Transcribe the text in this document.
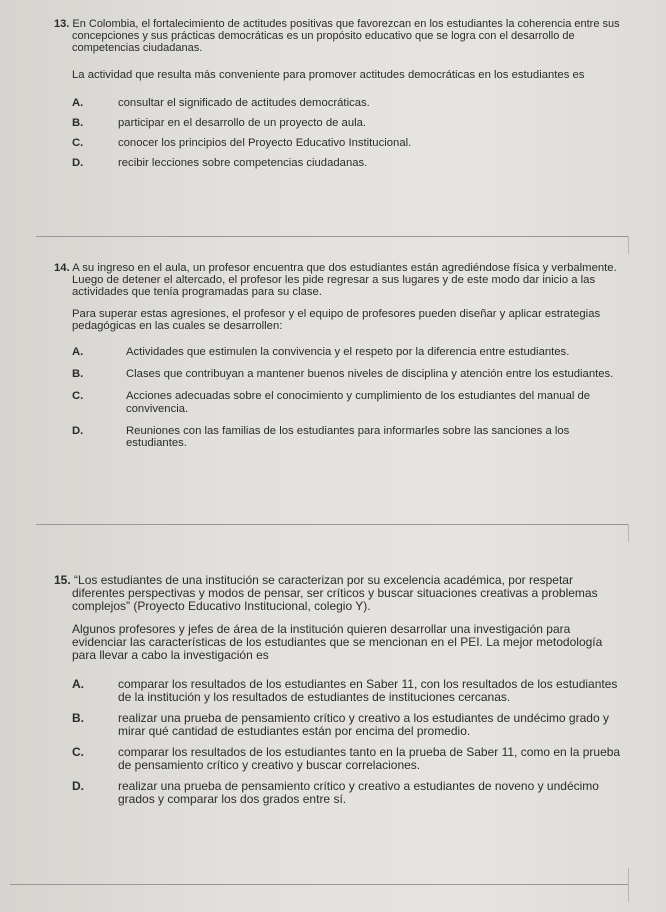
13. En Colombia, el fortalecimiento de actitudes positivas que favorezcan en los estudiantes la coherencia entre sus concepciones y sus prácticas democráticas es un propósito educativo que se logra con el desarrollo de competencias ciudadanas.

La actividad que resulta más conveniente para promover actitudes democráticas en los estudiantes es

A.	consultar el significado de actitudes democráticas.
B.	participar en el desarrollo de un proyecto de aula.
C.	conocer los principios del Proyecto Educativo Institucional.
D.	recibir lecciones sobre competencias ciudadanas.

14. A su ingreso en el aula, un profesor encuentra que dos estudiantes están agrediéndose física y verbalmente. Luego de detener el altercado, el profesor les pide regresar a sus lugares y de este modo dar inicio a las actividades que tenía programadas para su clase.

Para superar estas agresiones, el profesor y el equipo de profesores pueden diseñar y aplicar estrategias pedagógicas en las cuales se desarrollen:

A.	Actividades que estimulen la convivencia y el respeto por la diferencia entre estudiantes.
B.	Clases que contribuyan a mantener buenos niveles de disciplina y atención entre los estudiantes.
C.	Acciones adecuadas sobre el conocimiento y cumplimiento de los estudiantes del manual de convivencia.
D.	Reuniones con las familias de los estudiantes para informarles sobre las sanciones a los estudiantes.

15. “Los estudiantes de una institución se caracterizan por su excelencia académica, por respetar diferentes perspectivas y modos de pensar, ser críticos y buscar situaciones creativas a problemas complejos” (Proyecto Educativo Institucional, colegio Y).

Algunos profesores y jefes de área de la institución quieren desarrollar una investigación para evidenciar las características de los estudiantes que se mencionan en el PEI. La mejor metodología para llevar a cabo la investigación es

A.	comparar los resultados de los estudiantes en Saber 11, con los resultados de los estudiantes de la institución y los resultados de estudiantes de instituciones cercanas.
B.	realizar una prueba de pensamiento crítico y creativo a los estudiantes de undécimo grado y mirar qué cantidad de estudiantes están por encima del promedio.
C.	comparar los resultados de los estudiantes tanto en la prueba de Saber 11, como en la prueba de pensamiento crítico y creativo y buscar correlaciones.
D.	realizar una prueba de pensamiento crítico y creativo a estudiantes de noveno y undécimo grados y comparar los dos grados entre sí.
